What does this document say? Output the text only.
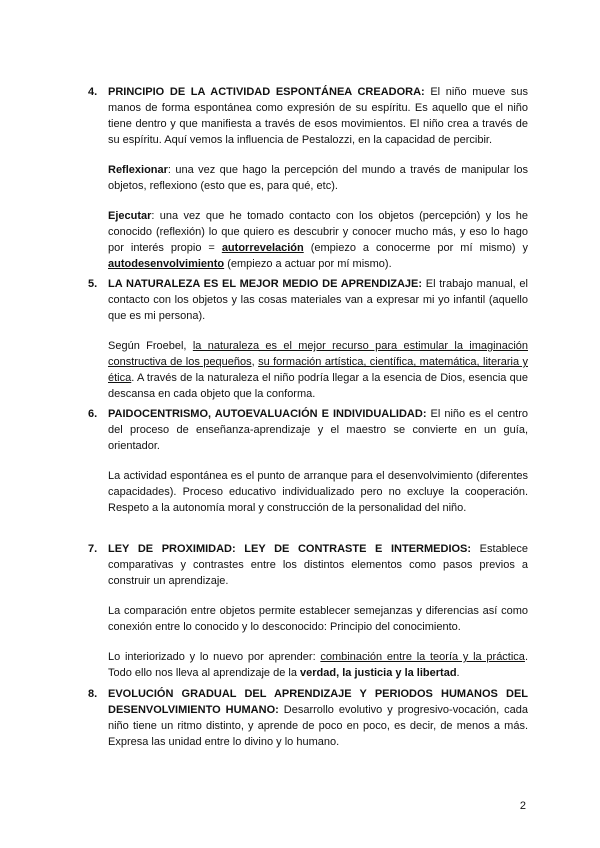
4. PRINCIPIO DE LA ACTIVIDAD ESPONTÁNEA CREADORA: El niño mueve sus manos de forma espontánea como expresión de su espíritu. Es aquello que el niño tiene dentro y que manifiesta a través de esos movimientos. El niño crea a través de su espíritu. Aquí vemos la influencia de Pestalozzi, en la capacidad de percibir.
Reflexionar: una vez que hago la percepción del mundo a través de manipular los objetos, reflexiono (esto que es, para qué, etc).
Ejecutar: una vez que he tomado contacto con los objetos (percepción) y los he conocido (reflexión) lo que quiero es descubrir y conocer mucho más, y eso lo hago por interés propio = autorrevelación (empiezo a conocerme por mí mismo) y autodesenvolvimiento (empiezo a actuar por mí mismo).
5. LA NATURALEZA ES EL MEJOR MEDIO DE APRENDIZAJE: El trabajo manual, el contacto con los objetos y las cosas materiales van a expresar mi yo infantil (aquello que es mi persona).
Según Froebel, la naturaleza es el mejor recurso para estimular la imaginación constructiva de los pequeños, su formación artística, científica, matemática, literaria y ética. A través de la naturaleza el niño podría llegar a la esencia de Dios, esencia que descansa en cada objeto que la conforma.
6. PAIDOCENTRISMO, AUTOEVALUACIÓN E INDIVIDUALIDAD: El niño es el centro del proceso de enseñanza-aprendizaje y el maestro se convierte en un guía, orientador.
La actividad espontánea es el punto de arranque para el desenvolvimiento (diferentes capacidades). Proceso educativo individualizado pero no excluye la cooperación. Respeto a la autonomía moral y construcción de la personalidad del niño.
7. LEY DE PROXIMIDAD: LEY DE CONTRASTE E INTERMEDIOS: Establece comparativas y contrastes entre los distintos elementos como pasos previos a construir un aprendizaje.
La comparación entre objetos permite establecer semejanzas y diferencias así como conexión entre lo conocido y lo desconocido: Principio del conocimiento.
Lo interiorizado y lo nuevo por aprender: combinación entre la teoría y la práctica. Todo ello nos lleva al aprendizaje de la verdad, la justicia y la libertad.
8. EVOLUCIÓN GRADUAL DEL APRENDIZAJE Y PERIODOS HUMANOS DEL DESENVOLVIMIENTO HUMANO: Desarrollo evolutivo y progresivo-vocación, cada niño tiene un ritmo distinto, y aprende de poco en poco, es decir, de menos a más. Expresa las unidad entre lo divino y lo humano.
2
